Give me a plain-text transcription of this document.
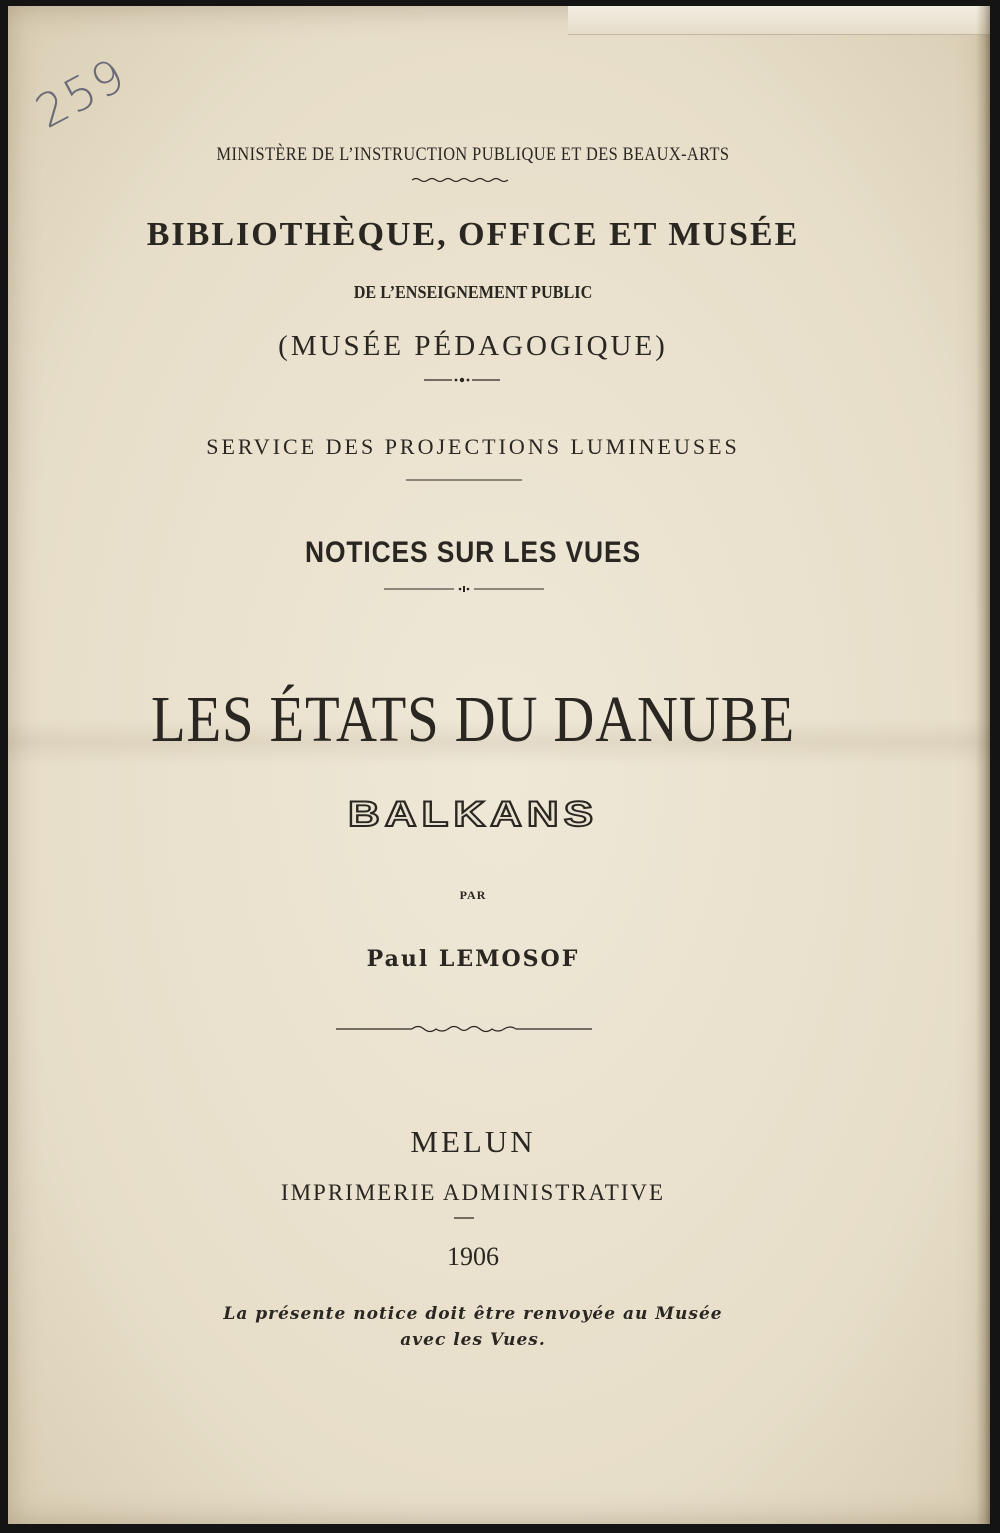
259
MINISTÈRE DE L’INSTRUCTION PUBLIQUE ET DES BEAUX-ARTS
BIBLIOTHÈQUE, OFFICE ET MUSÉE
DE L’ENSEIGNEMENT PUBLIC
(MUSÉE PÉDAGOGIQUE)
SERVICE DES PROJECTIONS LUMINEUSES
NOTICES SUR LES VUES
LES ÉTATS DU DANUBE
BALKANS
PAR
Paul LEMOSOF
MELUN
IMPRIMERIE ADMINISTRATIVE
1906
La présente notice doit être renvoyée au Musée
avec les Vues.
